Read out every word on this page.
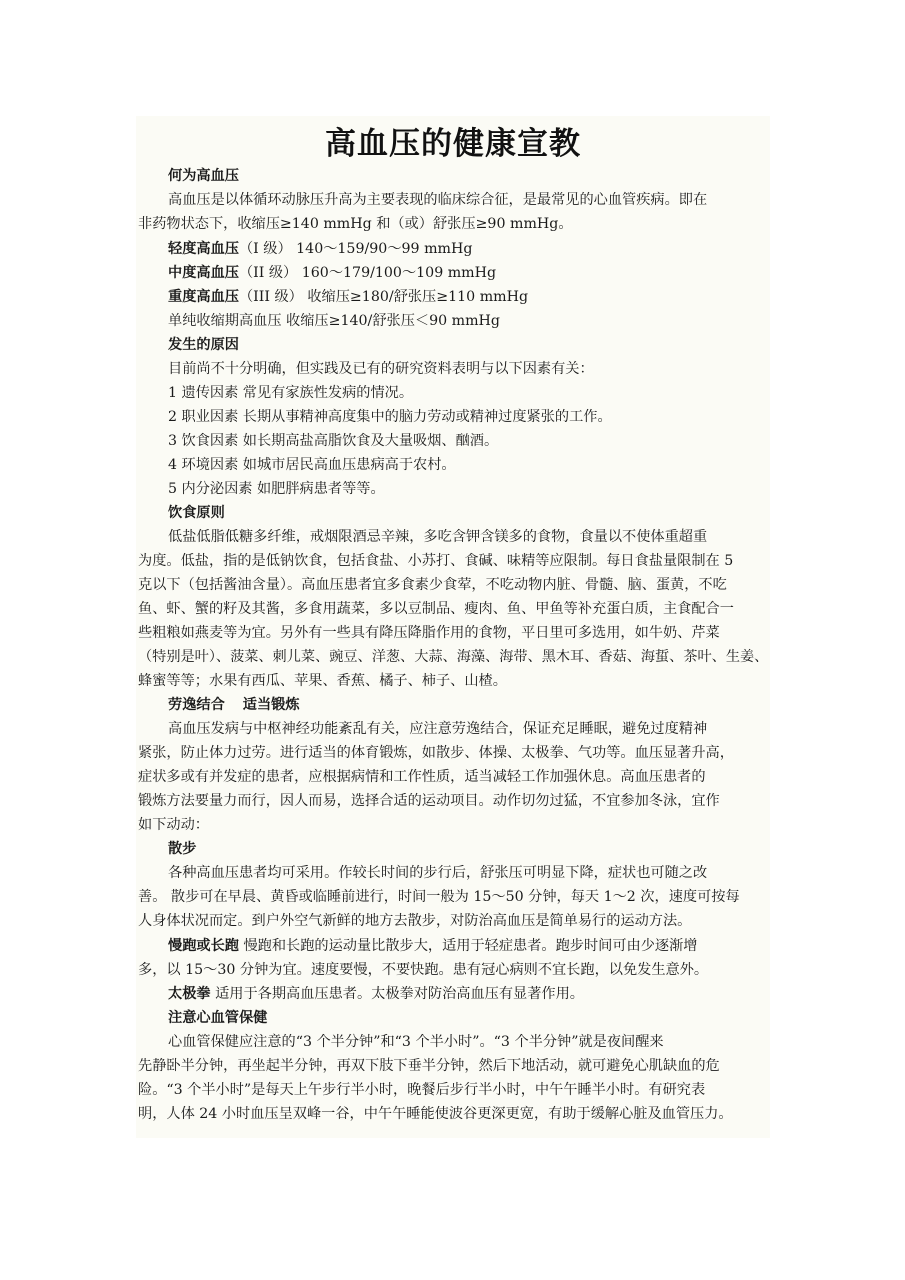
高血压的健康宣教
何为高血压
高血压是以体循环动脉压升高为主要表现的临床综合征，是最常见的心血管疾病。即在
非药物状态下，收缩压≥140 mmHg 和（或）舒张压≥90 mmHg。
轻度高血压（I 级） 140～159/90～99 mmHg
中度高血压（II 级） 160～179/100～109 mmHg
重度高血压（III 级） 收缩压≥180/舒张压≥110 mmHg
单纯收缩期高血压 收缩压≥140/舒张压＜90 mmHg
发生的原因
目前尚不十分明确，但实践及已有的研究资料表明与以下因素有关：
1 遗传因素 常见有家族性发病的情况。
2 职业因素 长期从事精神高度集中的脑力劳动或精神过度紧张的工作。
3 饮食因素 如长期高盐高脂饮食及大量吸烟、酗酒。
4 环境因素 如城市居民高血压患病高于农村。
5 内分泌因素 如肥胖病患者等等。
饮食原则
低盐低脂低糖多纤维，戒烟限酒忌辛辣，多吃含钾含镁多的食物，食量以不使体重超重
为度。低盐，指的是低钠饮食，包括食盐、小苏打、食碱、味精等应限制。每日食盐量限制在 5
克以下（包括酱油含量）。高血压患者宜多食素少食荤，不吃动物内脏、骨髓、脑、蛋黄，不吃
鱼、虾、蟹的籽及其酱，多食用蔬菜，多以豆制品、瘦肉、鱼、甲鱼等补充蛋白质，主食配合一
些粗粮如燕麦等为宜。另外有一些具有降压降脂作用的食物，平日里可多选用，如牛奶、芹菜
（特别是叶）、菠菜、刺儿菜、豌豆、洋葱、大蒜、海藻、海带、黑木耳、香菇、海蜇、茶叶、生姜、
蜂蜜等等；水果有西瓜、苹果、香蕉、橘子、柿子、山楂。
劳逸结合 适当锻炼
高血压发病与中枢神经功能紊乱有关，应注意劳逸结合，保证充足睡眠，避免过度精神
紧张，防止体力过劳。进行适当的体育锻炼，如散步、体操、太极拳、气功等。血压显著升高，
症状多或有并发症的患者，应根据病情和工作性质，适当减轻工作加强休息。高血压患者的
锻炼方法要量力而行，因人而易，选择合适的运动项目。动作切勿过猛，不宜参加冬泳，宜作
如下动动：
散步
各种高血压患者均可采用。作较长时间的步行后，舒张压可明显下降，症状也可随之改
善。 散步可在早晨、黄昏或临睡前进行，时间一般为 15～50 分钟，每天 1～2 次，速度可按每
人身体状况而定。到户外空气新鲜的地方去散步，对防治高血压是简单易行的运动方法。
慢跑或长跑 慢跑和长跑的运动量比散步大，适用于轻症患者。跑步时间可由少逐渐增
多，以 15～30 分钟为宜。速度要慢，不要快跑。患有冠心病则不宜长跑，以免发生意外。
太极拳 适用于各期高血压患者。太极拳对防治高血压有显著作用。
注意心血管保健
心血管保健应注意的“3 个半分钟”和“3 个半小时”。“3 个半分钟”就是夜间醒来
先静卧半分钟，再坐起半分钟，再双下肢下垂半分钟，然后下地活动，就可避免心肌缺血的危
险。“3 个半小时”是每天上午步行半小时，晚餐后步行半小时，中午午睡半小时。有研究表
明，人体 24 小时血压呈双峰一谷，中午午睡能使波谷更深更宽，有助于缓解心脏及血管压力。
